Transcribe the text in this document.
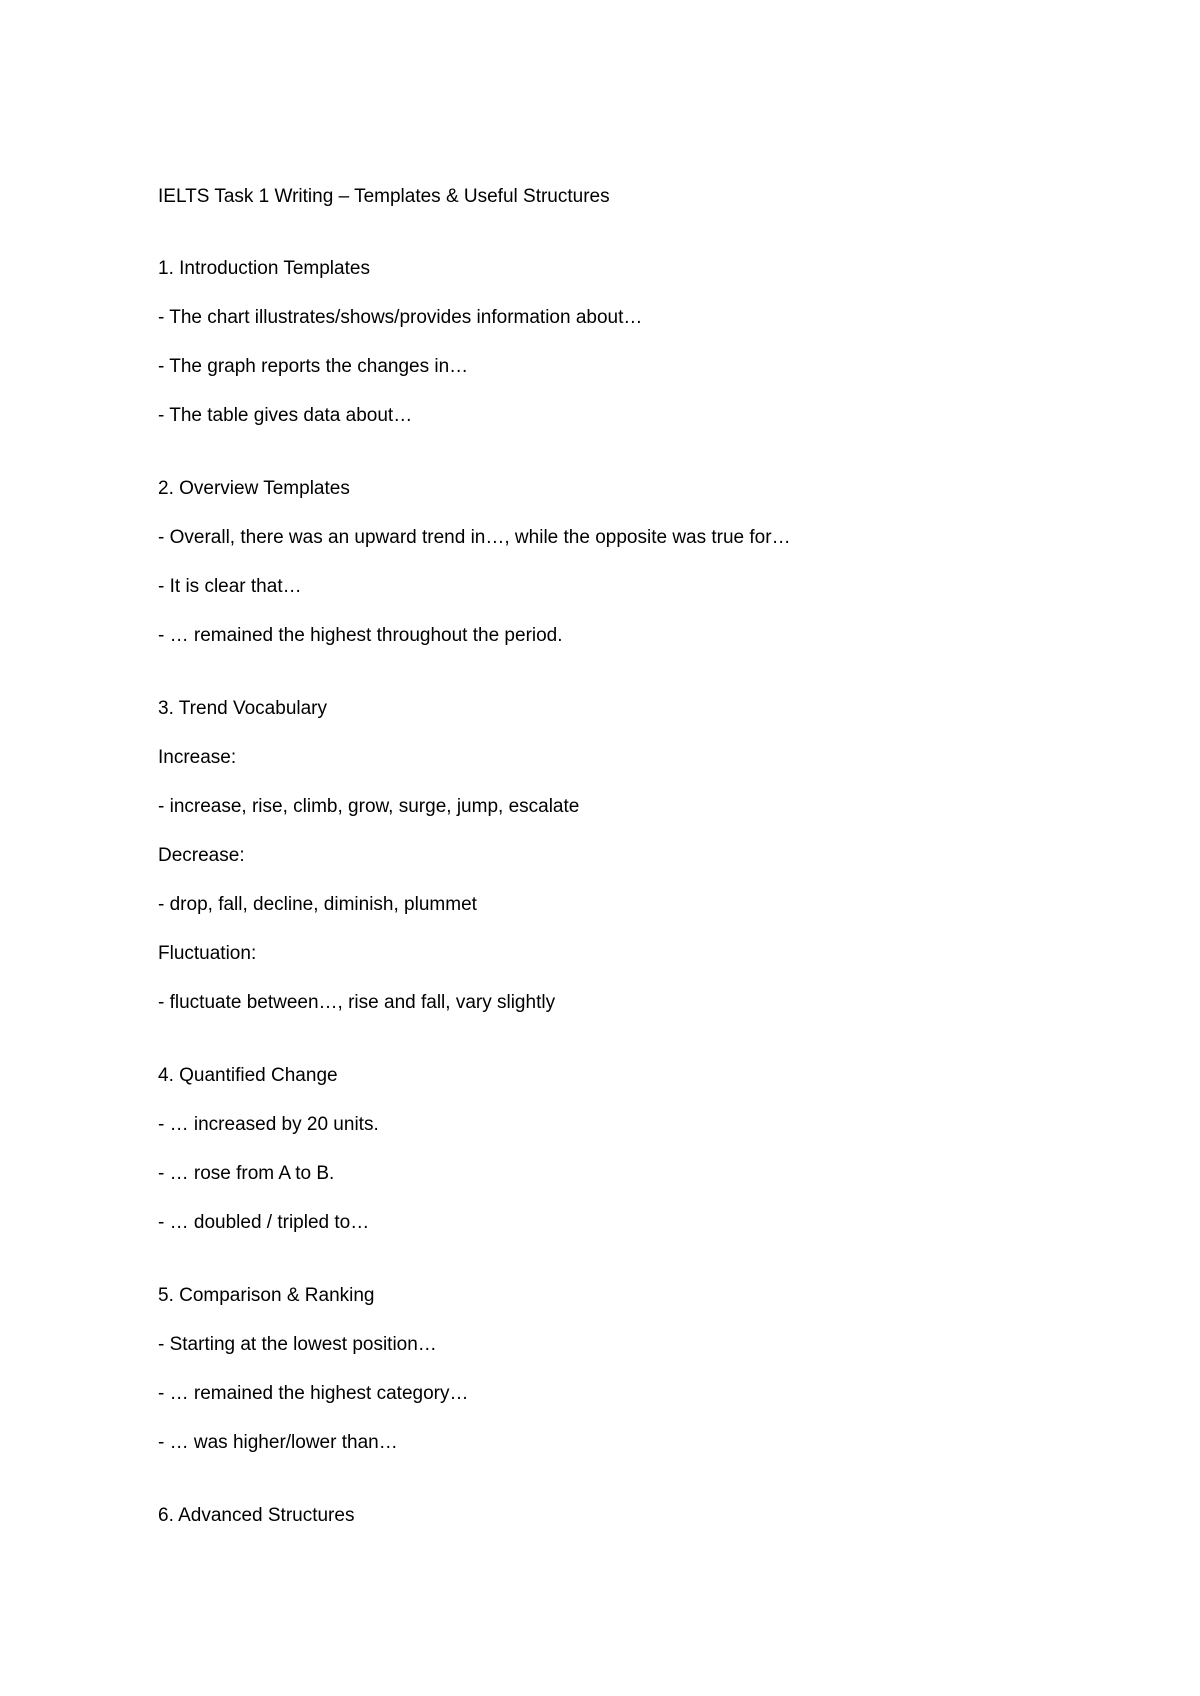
IELTS Task 1 Writing – Templates & Useful Structures

1. Introduction Templates

- The chart illustrates/shows/provides information about…

- The graph reports the changes in…

- The table gives data about…

2. Overview Templates

- Overall, there was an upward trend in…, while the opposite was true for…

- It is clear that…

- … remained the highest throughout the period.

3. Trend Vocabulary

Increase:

- increase, rise, climb, grow, surge, jump, escalate

Decrease:

- drop, fall, decline, diminish, plummet

Fluctuation:

- fluctuate between…, rise and fall, vary slightly

4. Quantified Change

- … increased by 20 units.

- … rose from A to B.

- … doubled / tripled to…

5. Comparison & Ranking

- Starting at the lowest position…

- … remained the highest category…

- … was higher/lower than…

6. Advanced Structures
